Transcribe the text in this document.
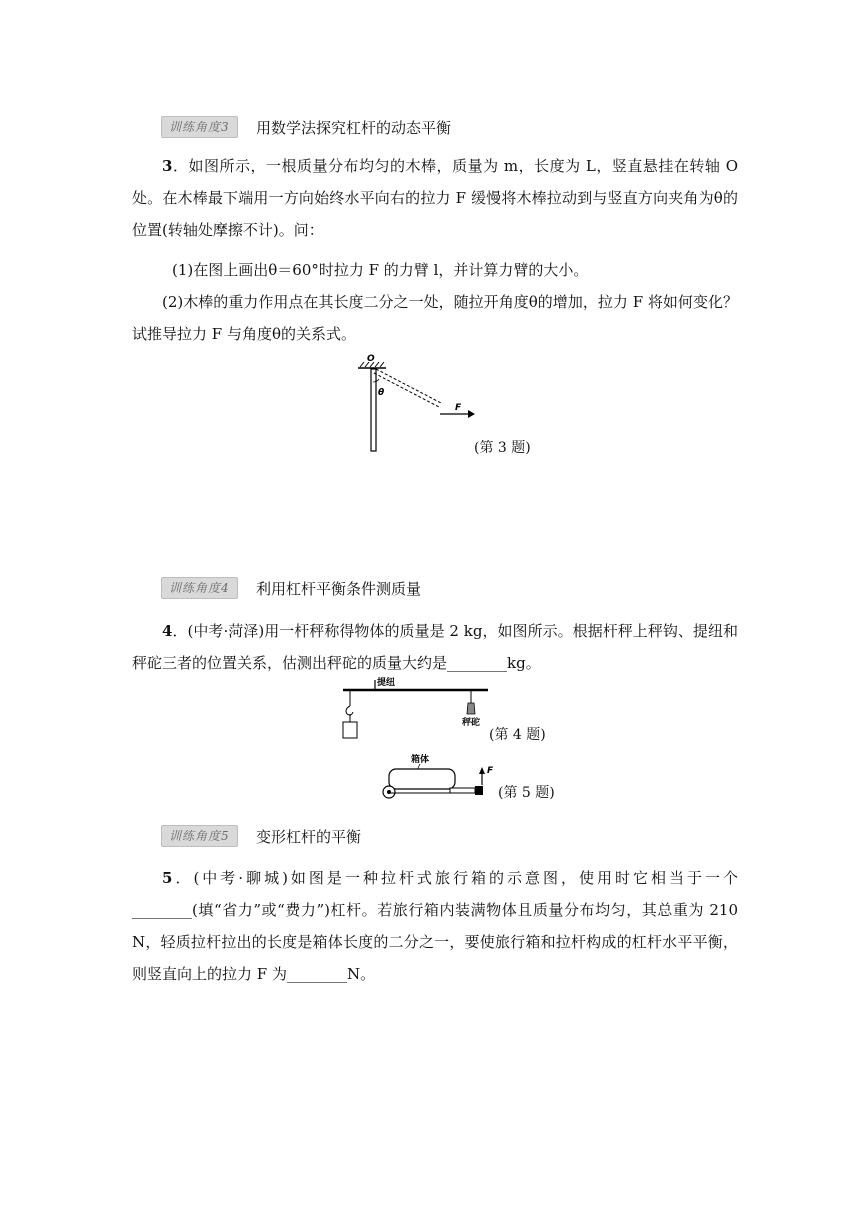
训练角度3	用数学法探究杠杆的动态平衡

3．如图所示，一根质量分布均匀的木棒，质量为 m，长度为 L，竖直悬挂在转轴 O 处。在木棒最下端用一方向始终水平向右的拉力 F 缓慢将木棒拉动到与竖直方向夹角为θ的位置(转轴处摩擦不计)。问：

(1)在图上画出θ＝60°时拉力 F 的力臂 l，并计算力臂的大小。

(2)木棒的重力作用点在其长度二分之一处，随拉开角度θ的增加，拉力 F 将如何变化？试推导拉力 F 与角度θ的关系式。

O
θ
F
(第 3 题)
训练角度4	利用杠杆平衡条件测质量

4．(中考·菏泽)用一杆秤称得物体的质量是 2 kg，如图所示。根据杆秤上秤钩、提纽和秤砣三者的位置关系，估测出秤砣的质量大约是________kg。

提纽
秤砣
(第 4 题)
箱体
F
(第 5 题)
训练角度5	变形杠杆的平衡

5．(中考·聊城)如图是一种拉杆式旅行箱的示意图，使用时它相当于一个________(填“省力”或“费力”)杠杆。若旅行箱内装满物体且质量分布均匀，其总重为 210 N，轻质拉杆拉出的长度是箱体长度的二分之一，要使旅行箱和拉杆构成的杠杆水平平衡，则竖直向上的拉力 F 为________N。
